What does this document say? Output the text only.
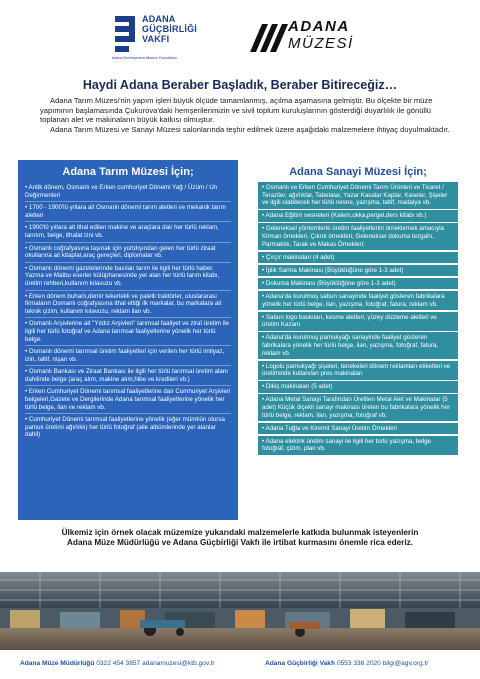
ADANA
GÜÇBİRLİĞİ
VAKFI
Adana Development Alliance Foundation
ADANA
MÜZESİ
Haydi Adana Beraber Başladık, Beraber Bitireceğiz…

Adana Tarım Müzesi'nin yapım işleri büyük ölçüde tamamlanmış, açılma aşamasına gelmiştir. Bu ölçekte bir müze yapımının başlamasında Çukurova'daki hemşerilerimizin ve sivil toplum kuruluşlarının gösterdiği duyarlılık ile gönüllü toplanan alet ve makinaların büyük katkısı olmuştur.

Adana Tarım Müzesi ve Sanayi Müzesi salonlarında teşhir edilmek üzere aşağıdaki malzemelere ihtiyaç duyulmaktadır.

Adana Tarım Müzesi İçin;
• Antik dönem, Osmanlı ve Erken cumhuriyet Dönemi Yağ / Üzüm / Un Değirmenleri
• 1700 - 1900'lü yıllara ait Osmanlı dönemi tarım aletleri ve mekanik tarım aletleri
• 1900'lü yıllara ait ithal edilen makine ve araçlara dair her türlü reklam, tanıtım, belge, ithalat izni vb.
• Osmanlı coğrafyasına taşınak için yurtdışından gelen her türlü ziraat okullarına ait kitaplar,araç gereçleri, diplomalar vb.
• Osmanlı dönemi gazetelerinde basılan tarım ile ilgili her türlü haber, Yazma ve Matbu eserler kütüphanesinde yer alan her türlü tarım kitabı, üretim rehberi,kullanım kılavuzu vb.
• Erken dönem buharlı,demir tekerlekli ve paletli traktörler, uluslararası firmaların Osmanlı coğrafyasına ithal ettiği ilk markalar, bu markalara ait teknik çizim, kullanım kılavuzu, reklam ilan vb.
• Osmanlı Arşivlerine ait "Yıldız Arşivleri" tarımsal faaliyet ve ziraî üretim ile ilgili her türlü fotoğraf ve Adana tarımsal faaliyetlerine yönelik her türlü belge.
• Osmanlı dönemi tarımsal üretim faaliyetleri için verilen her türlü imtiyaz, izin, taltif, nişan vb.
• Osmanlı Bankası ve Ziraat Bankası ile ilgili her türlü tarımsal üretim alanı dahilinde belge (araç alım, makine alım,hibe ve kredileri vb.)
• Erken Cumhuriyet Dönemi tarımsal faaliyetlerine dair Cumhuriyet Arşivleri belgeleri,Gazete ve Dergilerinde Adana tarımsal faaliyetlerine yönelik her türlü belge, ilan ve reklam vb.
• Cumhuriyet Dönemi tarımsal faaliyetlerine yönelik (eğer mümkün olursa pamuk üretimi ağırlıklı) her türlü fotoğraf (aile albümlerinde yer alanlar dahil)
Adana Sanayi Müzesi İçin;
• Osmanlı ve Erken Cumhuriyet Dönemi Tarım Ürünleri ve Ticaret / Teraziler, ağırlıklar, Tabelalar, Yazar Kasalar Kaplar, Kaseler, Şişeler ve ilgili olabilecek her türlü nesne, yazışma, taltif, madalya vb.
• Adana Eğitim nesneleri (Kalem,okka,pergel,ders kitabı vb.)
• Geleneksel yöntemlerle üretim faaliyetlerini örneklemek amacıyla Kirman örnekleri, Çıkrık örnekleri, Geleneksel dokuma tezgahı, Parmaklık, Tarak ve Makas Örnekleri;
• Çırçır makinaları (4 adet)
• İplik Sarma Makinası (Büyüklüğüne göre 1-3 adet)
• Dokuma Makinası (Büyüklüğüne göre 1-3 adet)
• Adana'da kurulmuş sabun sanayinde faaliyet gösteren fabrikalara yönelik her türlü belge, ilan, yazışma, fotoğraf, fatura, reklam vb.
• Sabun logo baskıları, kesme aletleri, yüzey düzleme aletleri ve üretim Kazanı
• Adana'da kurulmuş pamukyağı sanayinde faaliyet gösteren fabrikalara yönelik her türlü belge, ilan, yazışma, fotoğraf, fatura, reklam vb.
• Logolu pamukyağı şişeleri, tenekeleri dönem reklamları etiketleri ve üretiminde kullanılan pres makinaları
• Dikiş makinaları (5 adet)
• Adana Metal Sanayi Tarafından Üretilen Metal Alet ve Makinalar (5 adet) Küçük ölçekli sanayi makinası üreten bu fabrikalara yönelik her türlü belge, reklam, ilan, yazışma, fotoğraf vb.
• Adana Tuğla ve Kiremit Sanayi Üretim Örnekleri
• Adana elektrik üretim sanayi ile ilgili her türlü yazışma, belge fotoğraf, çizim, plan vb.
Ülkemiz için örnek olacak müzemize yukarıdaki malzemelerle katkıda bulunmak isteyenlerin
Adana Müze Müdürlüğü ve Adana Güçbirliği Vakfı ile irtibat kurmasını önemle rica ederiz.
Adana Müze Müdürlüğü 0322 454 3857 adanamuzesi@ktb.gov.tr	Adana Güçbirliği Vakfı 0553 338 2020 bilgi@agv.org.tr
